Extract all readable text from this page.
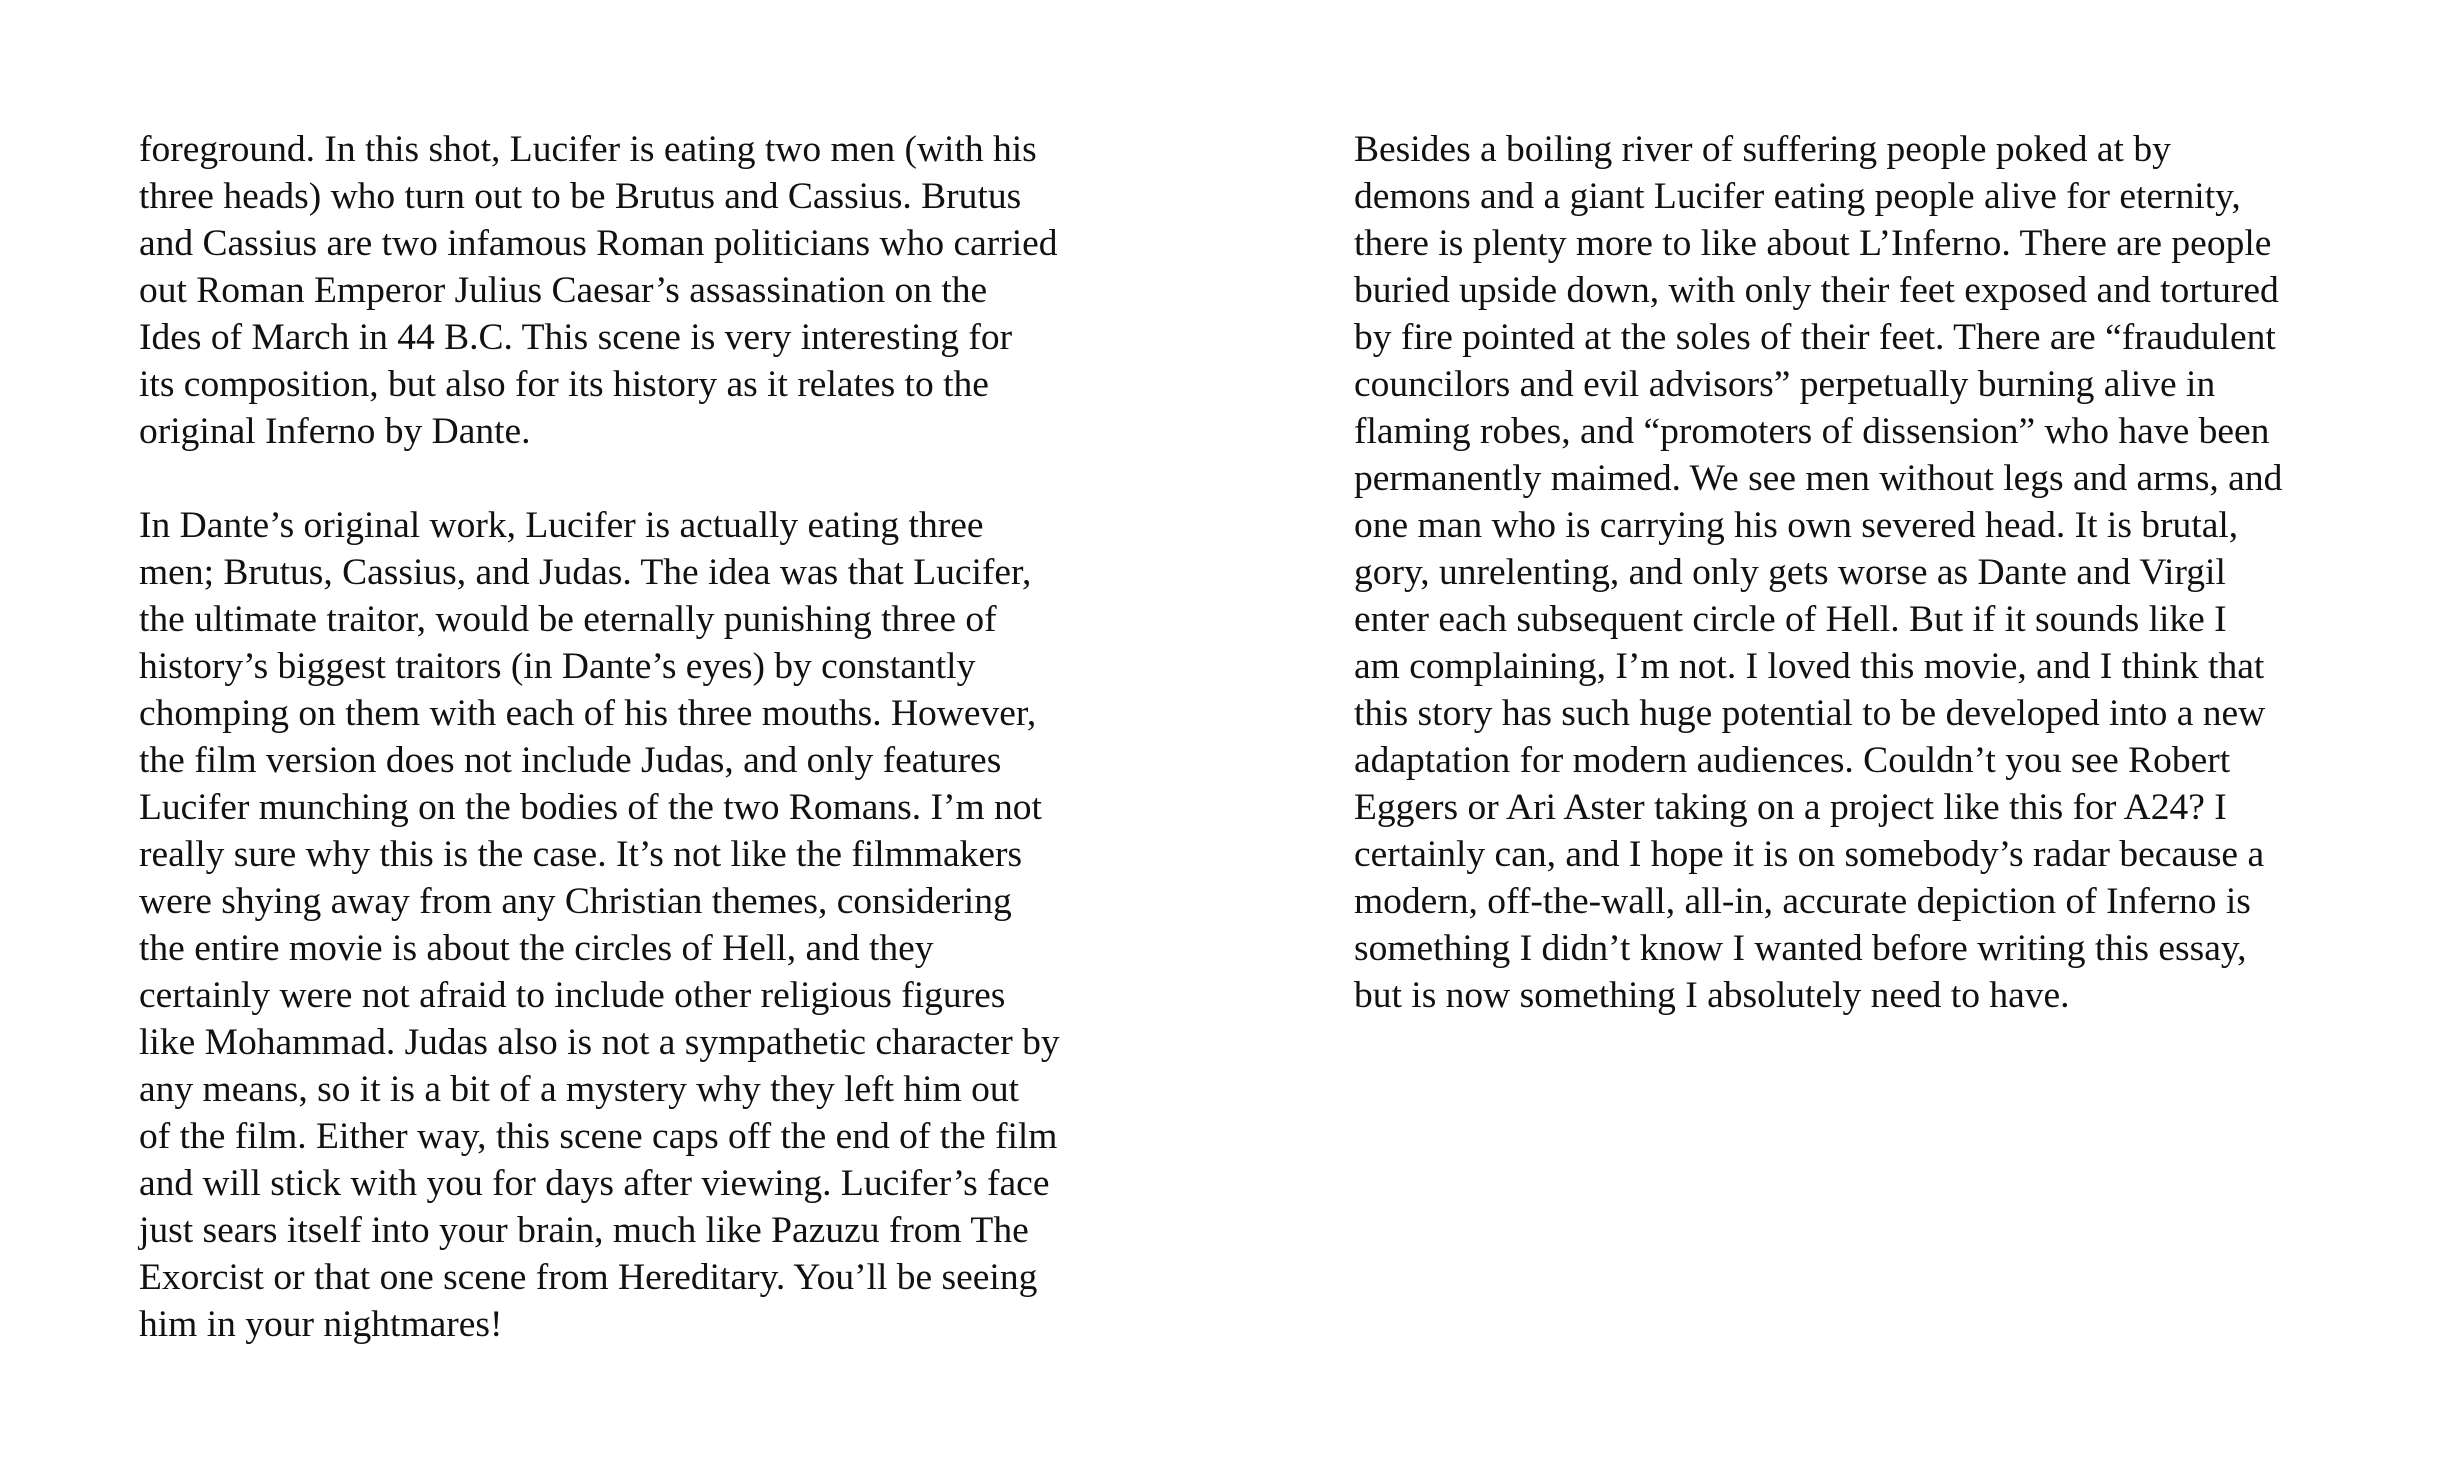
foreground. In this shot, Lucifer is eating two men (with his
three heads) who turn out to be Brutus and Cassius. Brutus
and Cassius are two infamous Roman politicians who carried
out Roman Emperor Julius Caesar’s assassination on the
Ides of March in 44 B.C. This scene is very interesting for
its composition, but also for its history as it relates to the
original Inferno by Dante.
In Dante’s original work, Lucifer is actually eating three
men; Brutus, Cassius, and Judas. The idea was that Lucifer,
the ultimate traitor, would be eternally punishing three of
history’s biggest traitors (in Dante’s eyes) by constantly
chomping on them with each of his three mouths. However,
the film version does not include Judas, and only features
Lucifer munching on the bodies of the two Romans. I’m not
really sure why this is the case. It’s not like the filmmakers
were shying away from any Christian themes, considering
the entire movie is about the circles of Hell, and they
certainly were not afraid to include other religious figures
like Mohammad. Judas also is not a sympathetic character by
any means, so it is a bit of a mystery why they left him out
of the film. Either way, this scene caps off the end of the film
and will stick with you for days after viewing. Lucifer’s face
just sears itself into your brain, much like Pazuzu from The
Exorcist or that one scene from Hereditary. You’ll be seeing
him in your nightmares!
Besides a boiling river of suffering people poked at by
demons and a giant Lucifer eating people alive for eternity,
there is plenty more to like about L’Inferno. There are people
buried upside down, with only their feet exposed and tortured
by fire pointed at the soles of their feet. There are “fraudulent
councilors and evil advisors” perpetually burning alive in
flaming robes, and “promoters of dissension” who have been
permanently maimed. We see men without legs and arms, and
one man who is carrying his own severed head. It is brutal,
gory, unrelenting, and only gets worse as Dante and Virgil
enter each subsequent circle of Hell. But if it sounds like I
am complaining, I’m not. I loved this movie, and I think that
this story has such huge potential to be developed into a new
adaptation for modern audiences. Couldn’t you see Robert
Eggers or Ari Aster taking on a project like this for A24? I
certainly can, and I hope it is on somebody’s radar because a
modern, off-the-wall, all-in, accurate depiction of Inferno is
something I didn’t know I wanted before writing this essay,
but is now something I absolutely need to have.
